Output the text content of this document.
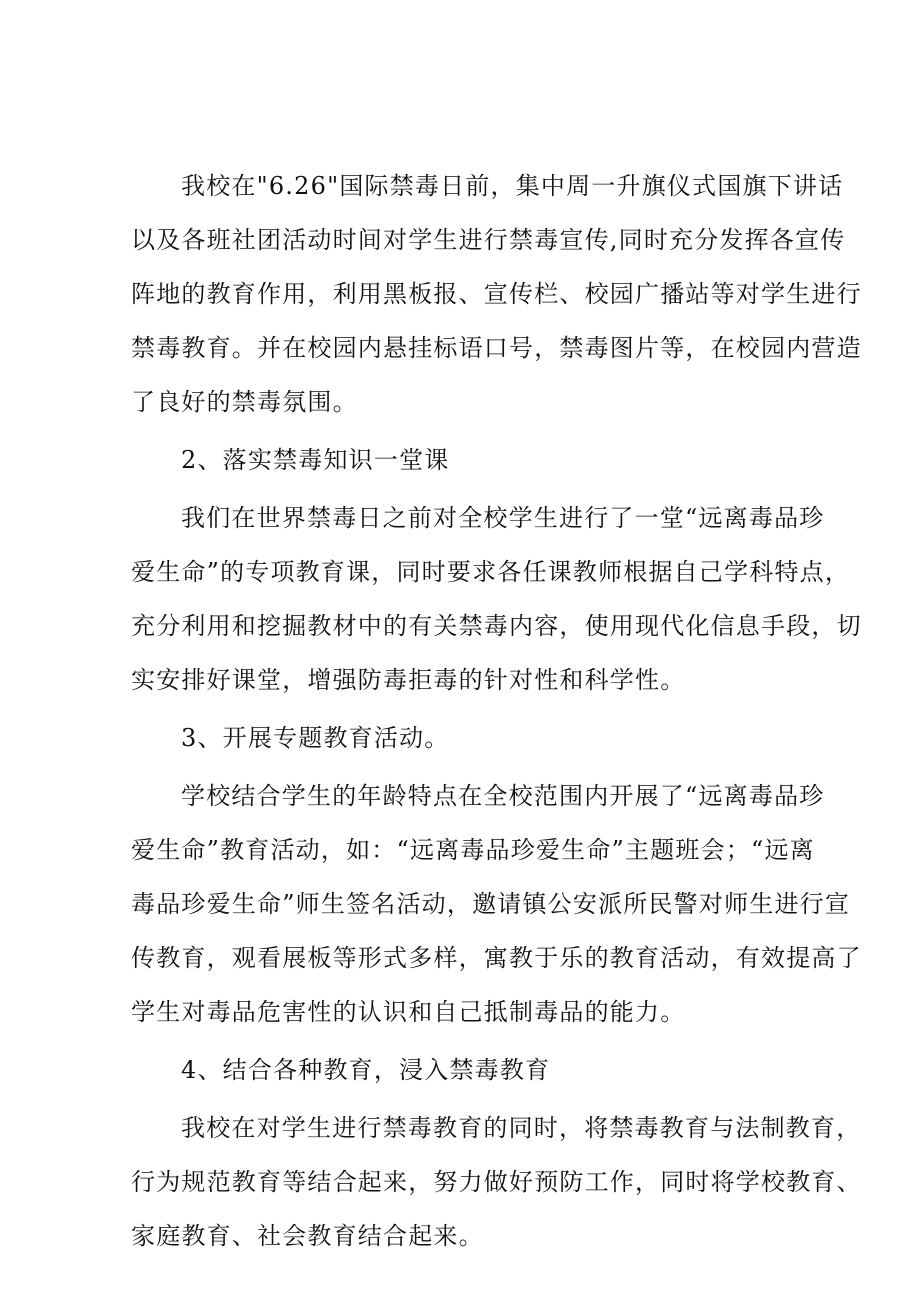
我校在"6.26"国际禁毒日前，集中周一升旗仪式国旗下讲话
以及各班社团活动时间对学生进行禁毒宣传,同时充分发挥各宣传
阵地的教育作用，利用黑板报、宣传栏、校园广播站等对学生进行
禁毒教育。并在校园内悬挂标语口号，禁毒图片等，在校园内营造
了良好的禁毒氛围。
2、落实禁毒知识一堂课
我们在世界禁毒日之前对全校学生进行了一堂“远离毒品珍
爱生命”的专项教育课，同时要求各任课教师根据自己学科特点，
充分利用和挖掘教材中的有关禁毒内容，使用现代化信息手段，切
实安排好课堂，增强防毒拒毒的针对性和科学性。
3、开展专题教育活动。
学校结合学生的年龄特点在全校范围内开展了“远离毒品珍
爱生命”教育活动，如：“远离毒品珍爱生命”主题班会；“远离
毒品珍爱生命”师生签名活动，邀请镇公安派所民警对师生进行宣
传教育，观看展板等形式多样，寓教于乐的教育活动，有效提高了
学生对毒品危害性的认识和自己抵制毒品的能力。
4、结合各种教育，浸入禁毒教育
我校在对学生进行禁毒教育的同时，将禁毒教育与法制教育，
行为规范教育等结合起来，努力做好预防工作，同时将学校教育、
家庭教育、社会教育结合起来。
